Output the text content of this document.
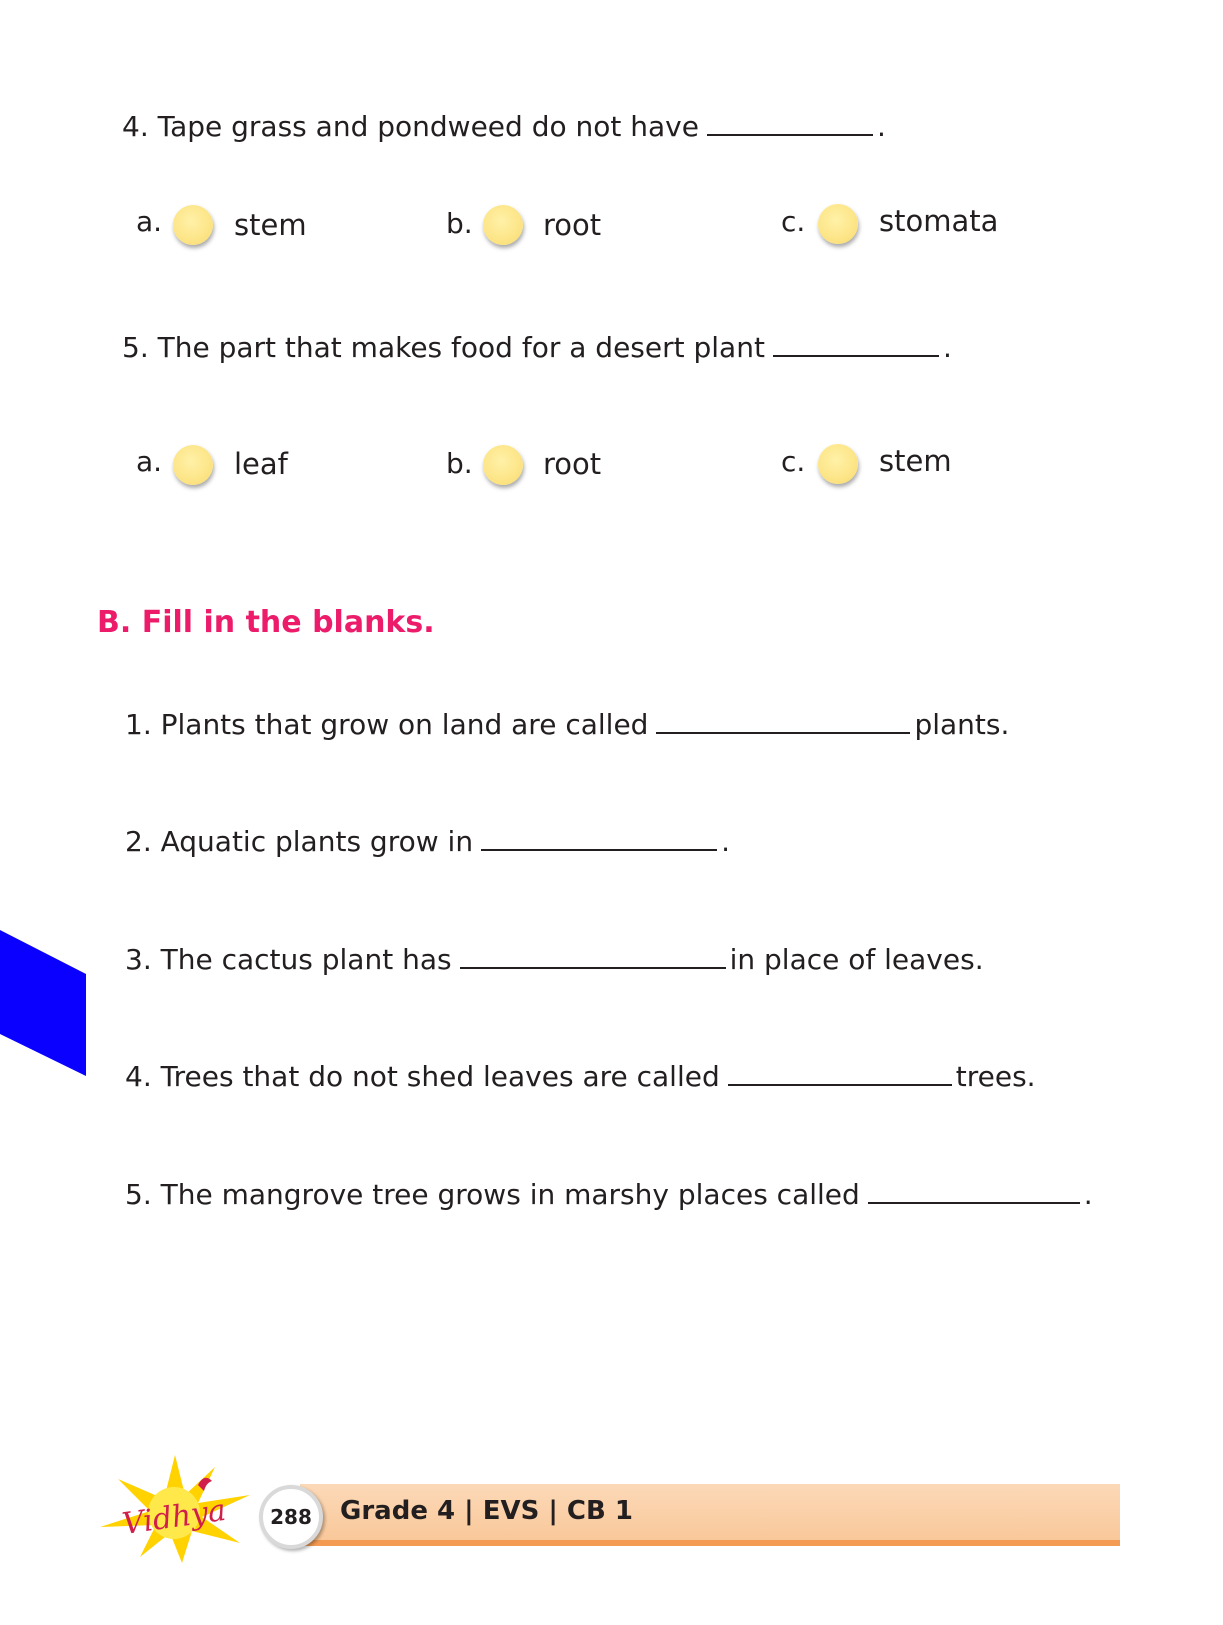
4. Tape grass and pondweed do not have	.
a. stem	b. root	c.	stomata
5. The part that makes food for a desert plant	.
a. leaf	b. root	c.	stem
B. Fill in the blanks.
1. Plants that grow on land are called	plants.
2. Aquatic plants grow in	.
3. The cactus plant has	in place of leaves.
4. Trees that do not shed leaves are called	trees.
5. The mangrove tree grows in marshy places called	.
Vidhya	288	Grade 4 | EVS | CB 1
